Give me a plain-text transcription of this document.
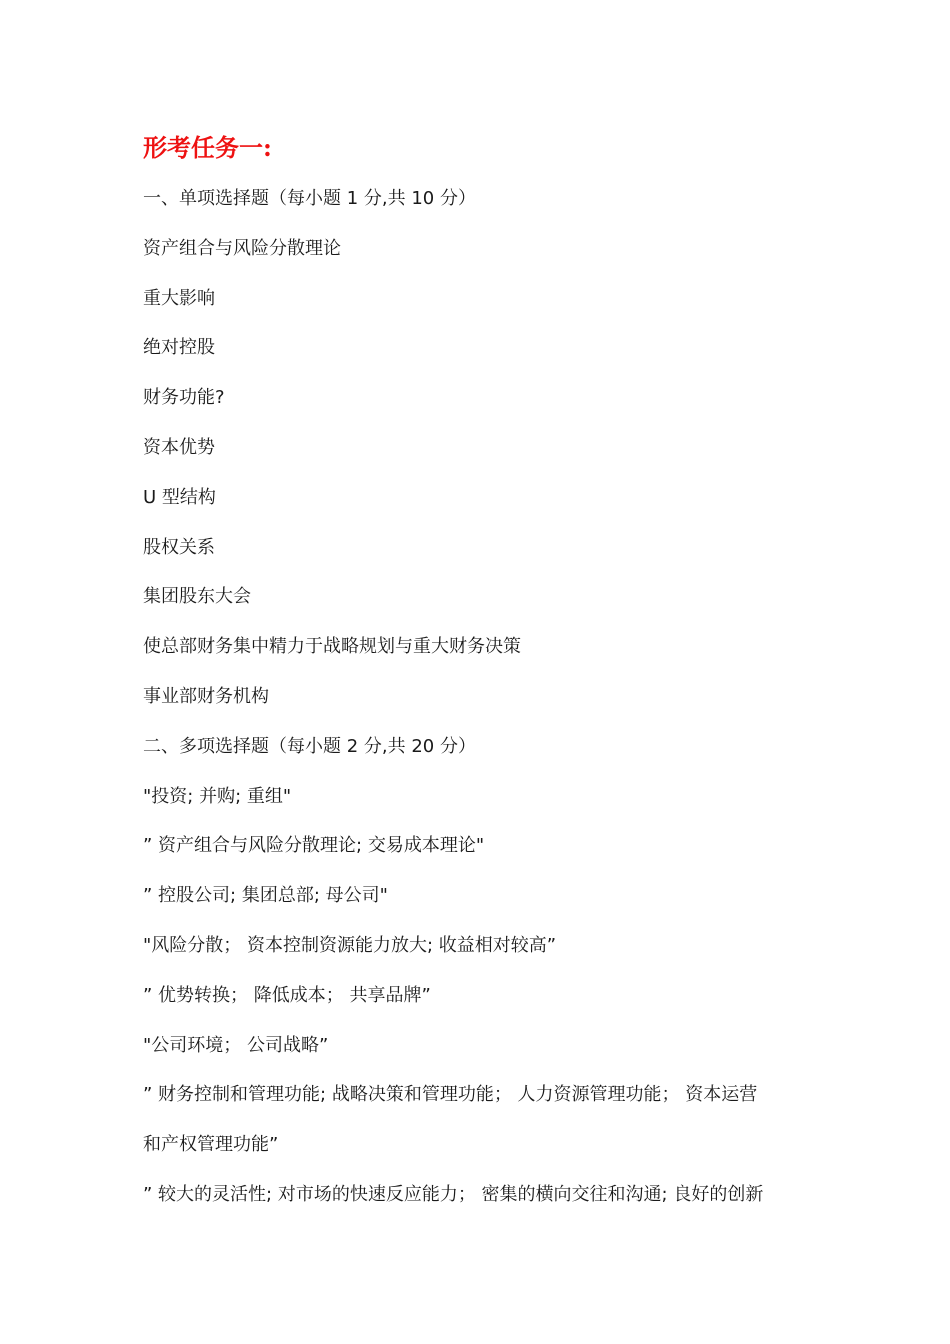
形考任务一:
一、单项选择题（每小题 1 分,共 10 分）
资产组合与风险分散理论
重大影响
绝对控股
财务功能?
资本优势
U 型结构
股权关系
集团股东大会
使总部财务集中精力于战略规划与重大财务决策
事业部财务机构
二、多项选择题（每小题 2 分,共 20 分）
"投资; 并购; 重组"
” 资产组合与风险分散理论; 交易成本理论"
” 控股公司; 集团总部; 母公司"
"风险分散； 资本控制资源能力放大; 收益相对较高”
” 优势转换； 降低成本； 共享品牌”
"公司环境； 公司战略”
” 财务控制和管理功能; 战略决策和管理功能； 人力资源管理功能； 资本运营
和产权管理功能”
” 较大的灵活性; 对市场的快速反应能力； 密集的横向交往和沟通; 良好的创新
